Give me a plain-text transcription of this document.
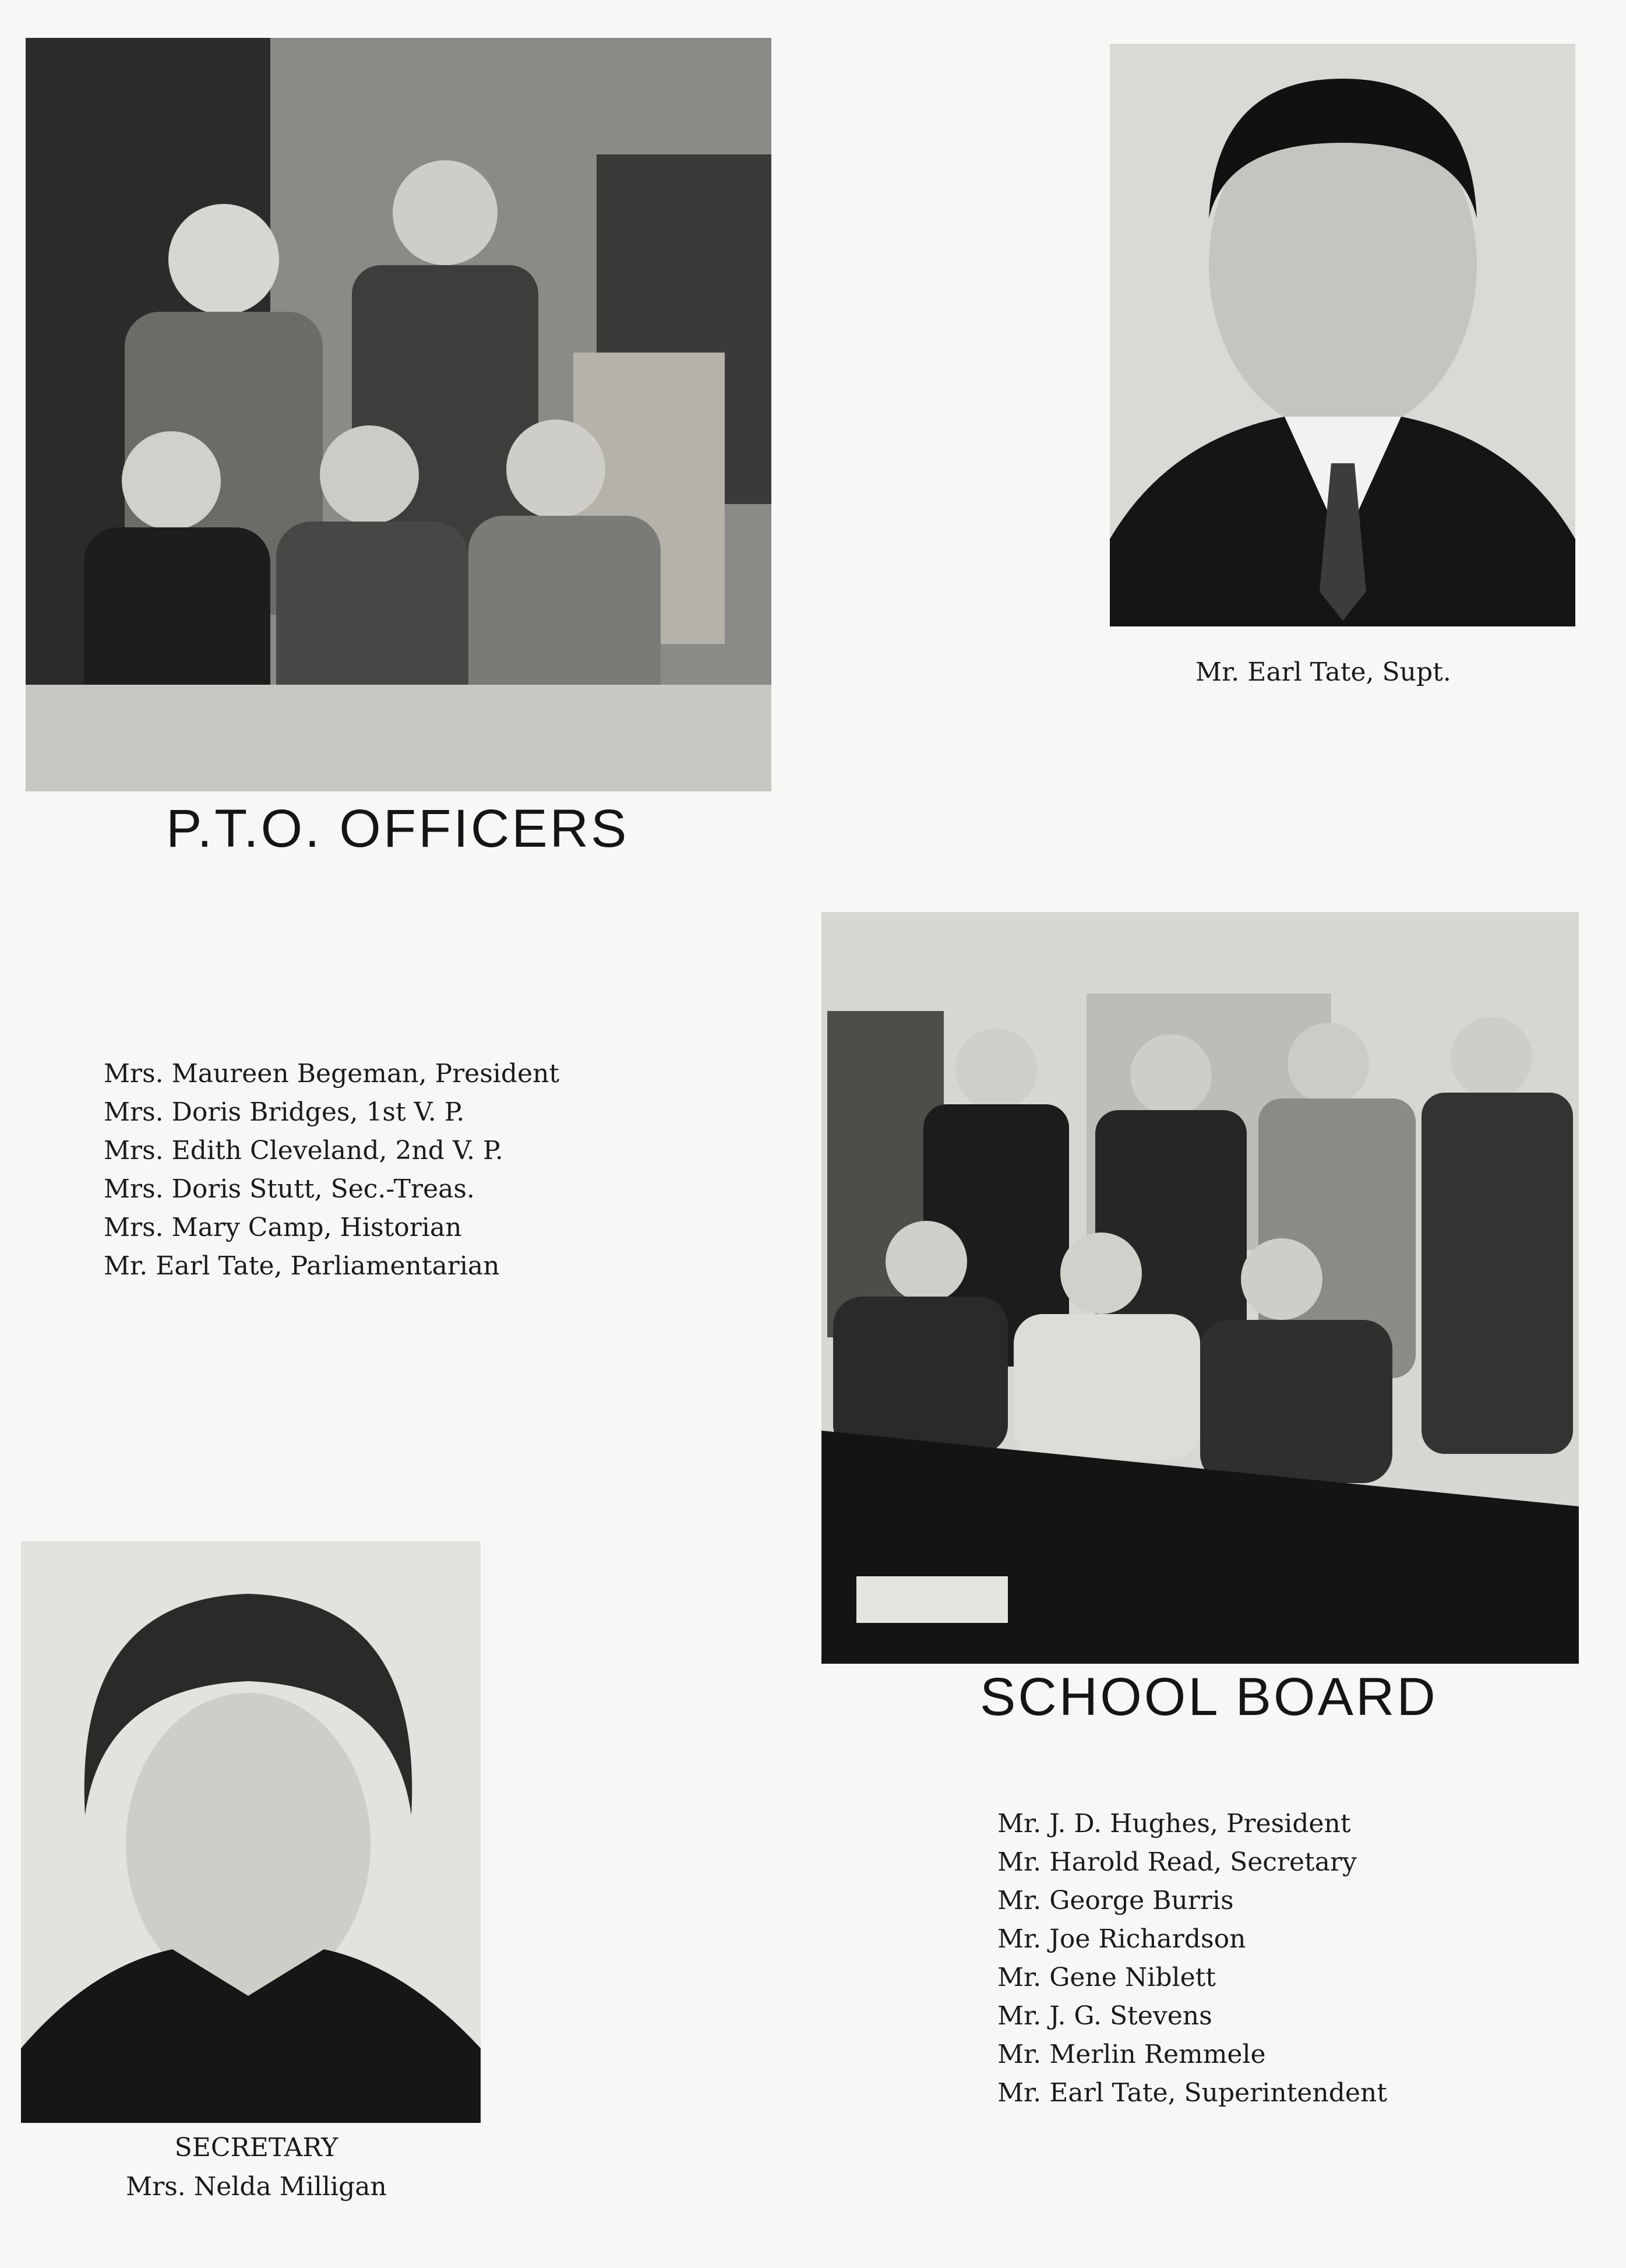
P.T.O. OFFICERS
Mr. Earl Tate, Supt.
Mrs. Maureen Begeman, President
Mrs. Doris Bridges, 1st V. P.
Mrs. Edith Cleveland, 2nd V. P.
Mrs. Doris Stutt, Sec.-Treas.
Mrs. Mary Camp, Historian
Mr. Earl Tate, Parliamentarian
SCHOOL BOARD
Mr. J. D. Hughes, President
Mr. Harold Read, Secretary
Mr. George Burris
Mr. Joe Richardson
Mr. Gene Niblett
Mr. J. G. Stevens
Mr. Merlin Remmele
Mr. Earl Tate, Superintendent
SECRETARY
Mrs. Nelda Milligan
